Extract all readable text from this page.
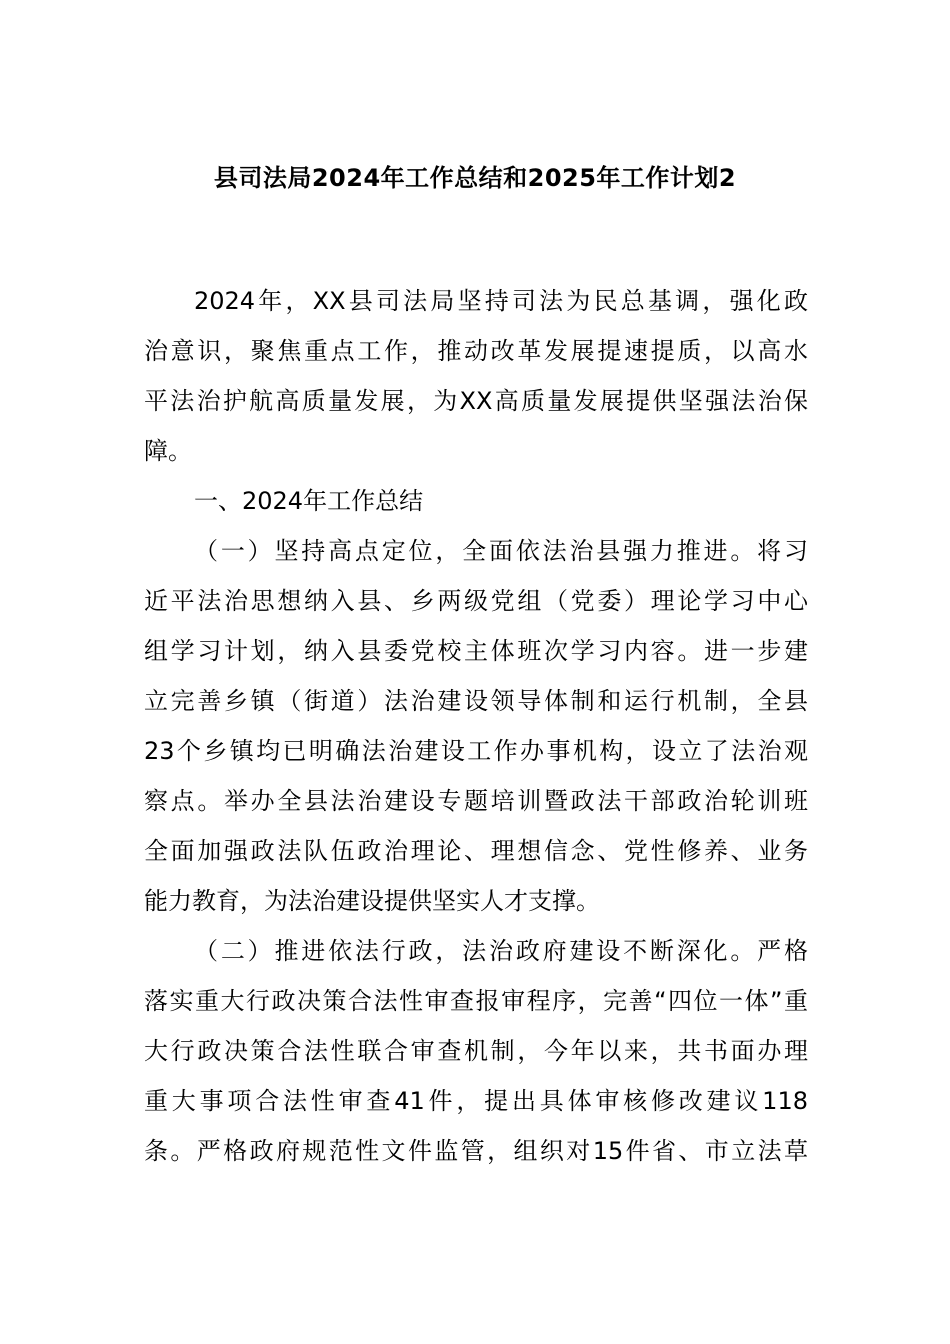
县司法局2024年工作总结和2025年工作计划2

2024年，XX县司法局坚持司法为民总基调，强化政

治意识，聚焦重点工作，推动改革发展提速提质，以高水

平法治护航高质量发展，为XX高质量发展提供坚强法治保

障。

一、2024年工作总结

（一）坚持高点定位，全面依法治县强力推进。将习

近平法治思想纳入县、乡两级党组（党委）理论学习中心

组学习计划，纳入县委党校主体班次学习内容。进一步建

立完善乡镇（街道）法治建设领导体制和运行机制，全县

23个乡镇均已明确法治建设工作办事机构，设立了法治观

察点。举办全县法治建设专题培训暨政法干部政治轮训班

全面加强政法队伍政治理论、理想信念、党性修养、业务

能力教育，为法治建设提供坚实人才支撑。

（二）推进依法行政，法治政府建设不断深化。严格

落实重大行政决策合法性审查报审程序，完善“四位一体”重

大行政决策合法性联合审查机制，今年以来，共书面办理

重大事项合法性审查41件，提出具体审核修改建议118

条。严格政府规范性文件监管，组织对15件省、市立法草
